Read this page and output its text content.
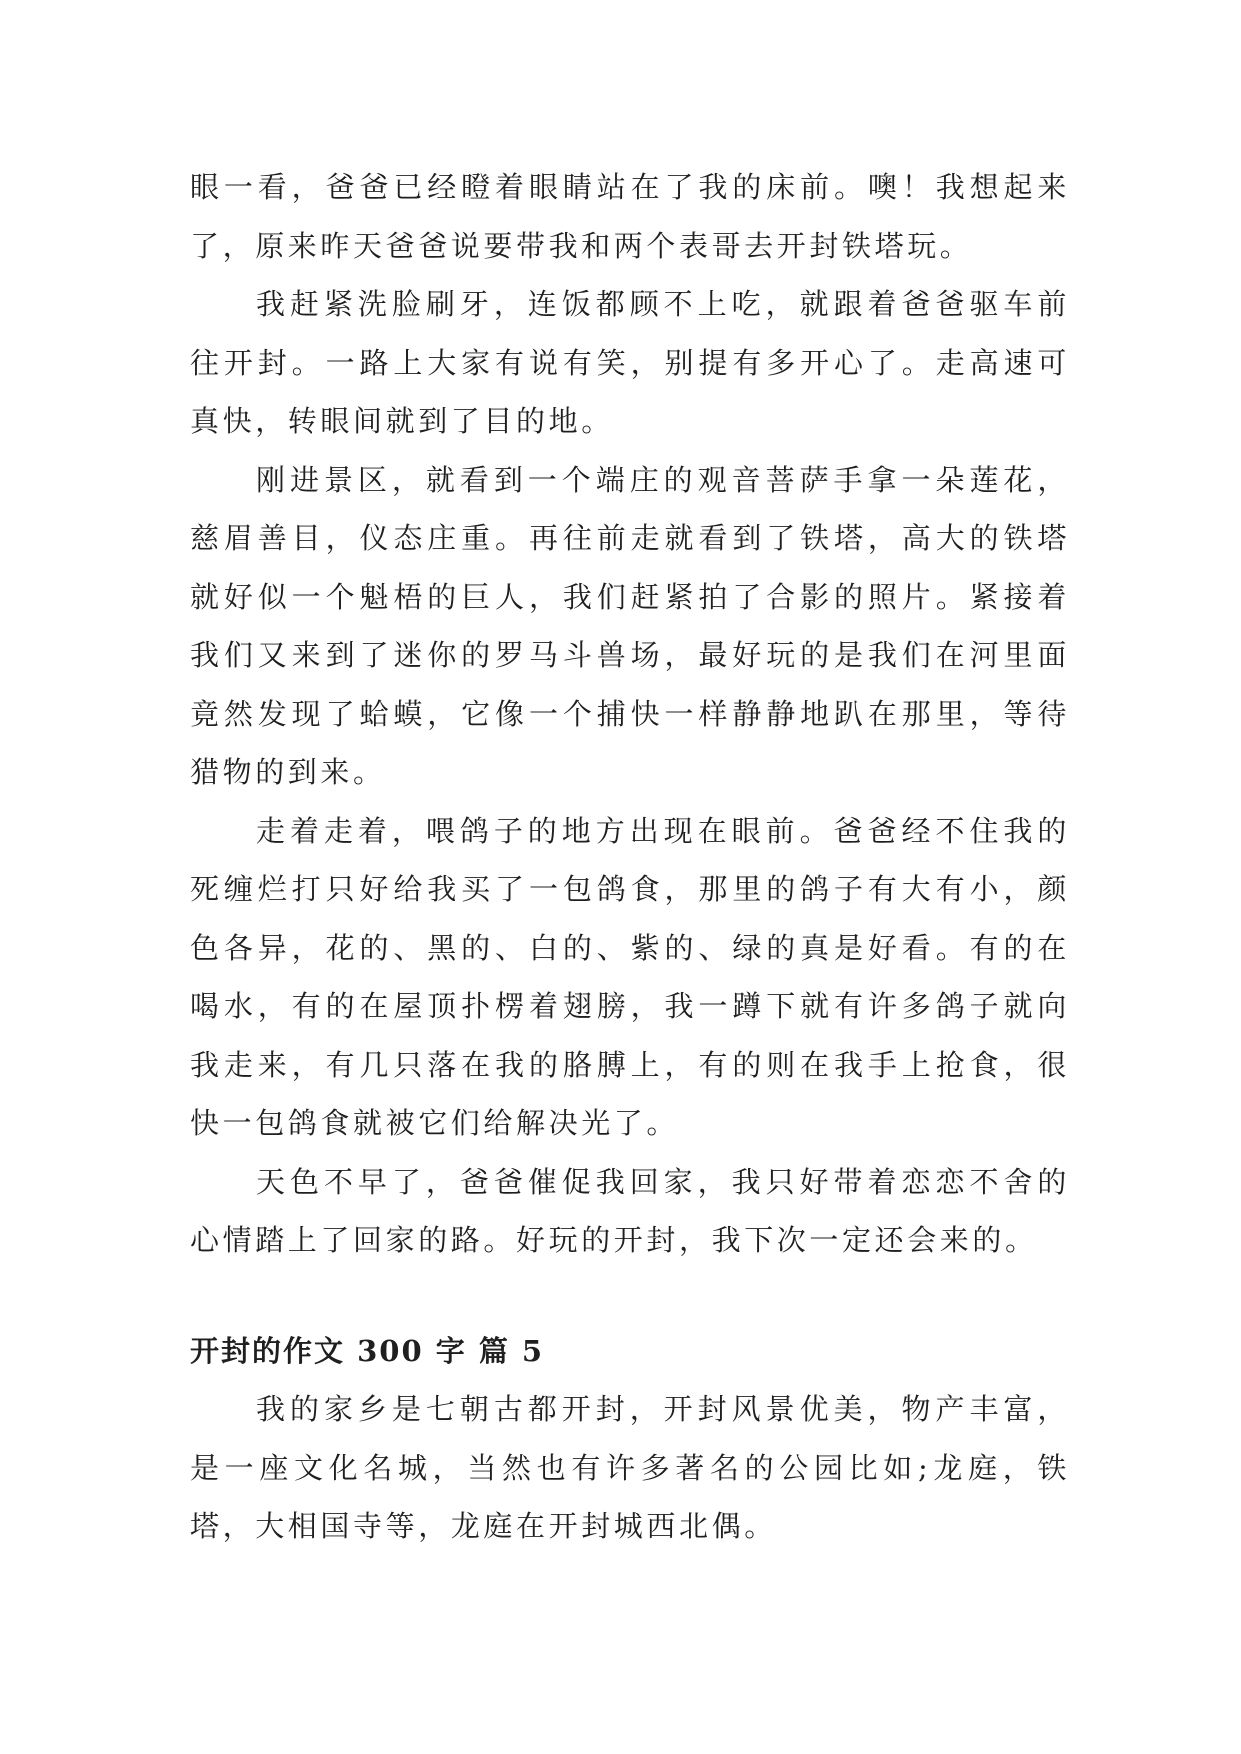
眼一看，爸爸已经瞪着眼睛站在了我的床前。噢！我想起来了，原来昨天爸爸说要带我和两个表哥去开封铁塔玩。

我赶紧洗脸刷牙，连饭都顾不上吃，就跟着爸爸驱车前往开封。一路上大家有说有笑，别提有多开心了。走高速可真快，转眼间就到了目的地。

刚进景区，就看到一个端庄的观音菩萨手拿一朵莲花，慈眉善目，仪态庄重。再往前走就看到了铁塔，高大的铁塔就好似一个魁梧的巨人，我们赶紧拍了合影的照片。紧接着我们又来到了迷你的罗马斗兽场，最好玩的是我们在河里面竟然发现了蛤蟆，它像一个捕快一样静静地趴在那里，等待猎物的到来。

走着走着，喂鸽子的地方出现在眼前。爸爸经不住我的死缠烂打只好给我买了一包鸽食，那里的鸽子有大有小，颜色各异，花的、黑的、白的、紫的、绿的真是好看。有的在喝水，有的在屋顶扑楞着翅膀，我一蹲下就有许多鸽子就向我走来，有几只落在我的胳膊上，有的则在我手上抢食，很快一包鸽食就被它们给解决光了。

天色不早了，爸爸催促我回家，我只好带着恋恋不舍的心情踏上了回家的路。好玩的开封，我下次一定还会来的。

开封的作文 300 字 篇 5

我的家乡是七朝古都开封，开封风景优美，物产丰富，是一座文化名城，当然也有许多著名的公园比如;龙庭，铁塔，大相国寺等，龙庭在开封城西北偶。
